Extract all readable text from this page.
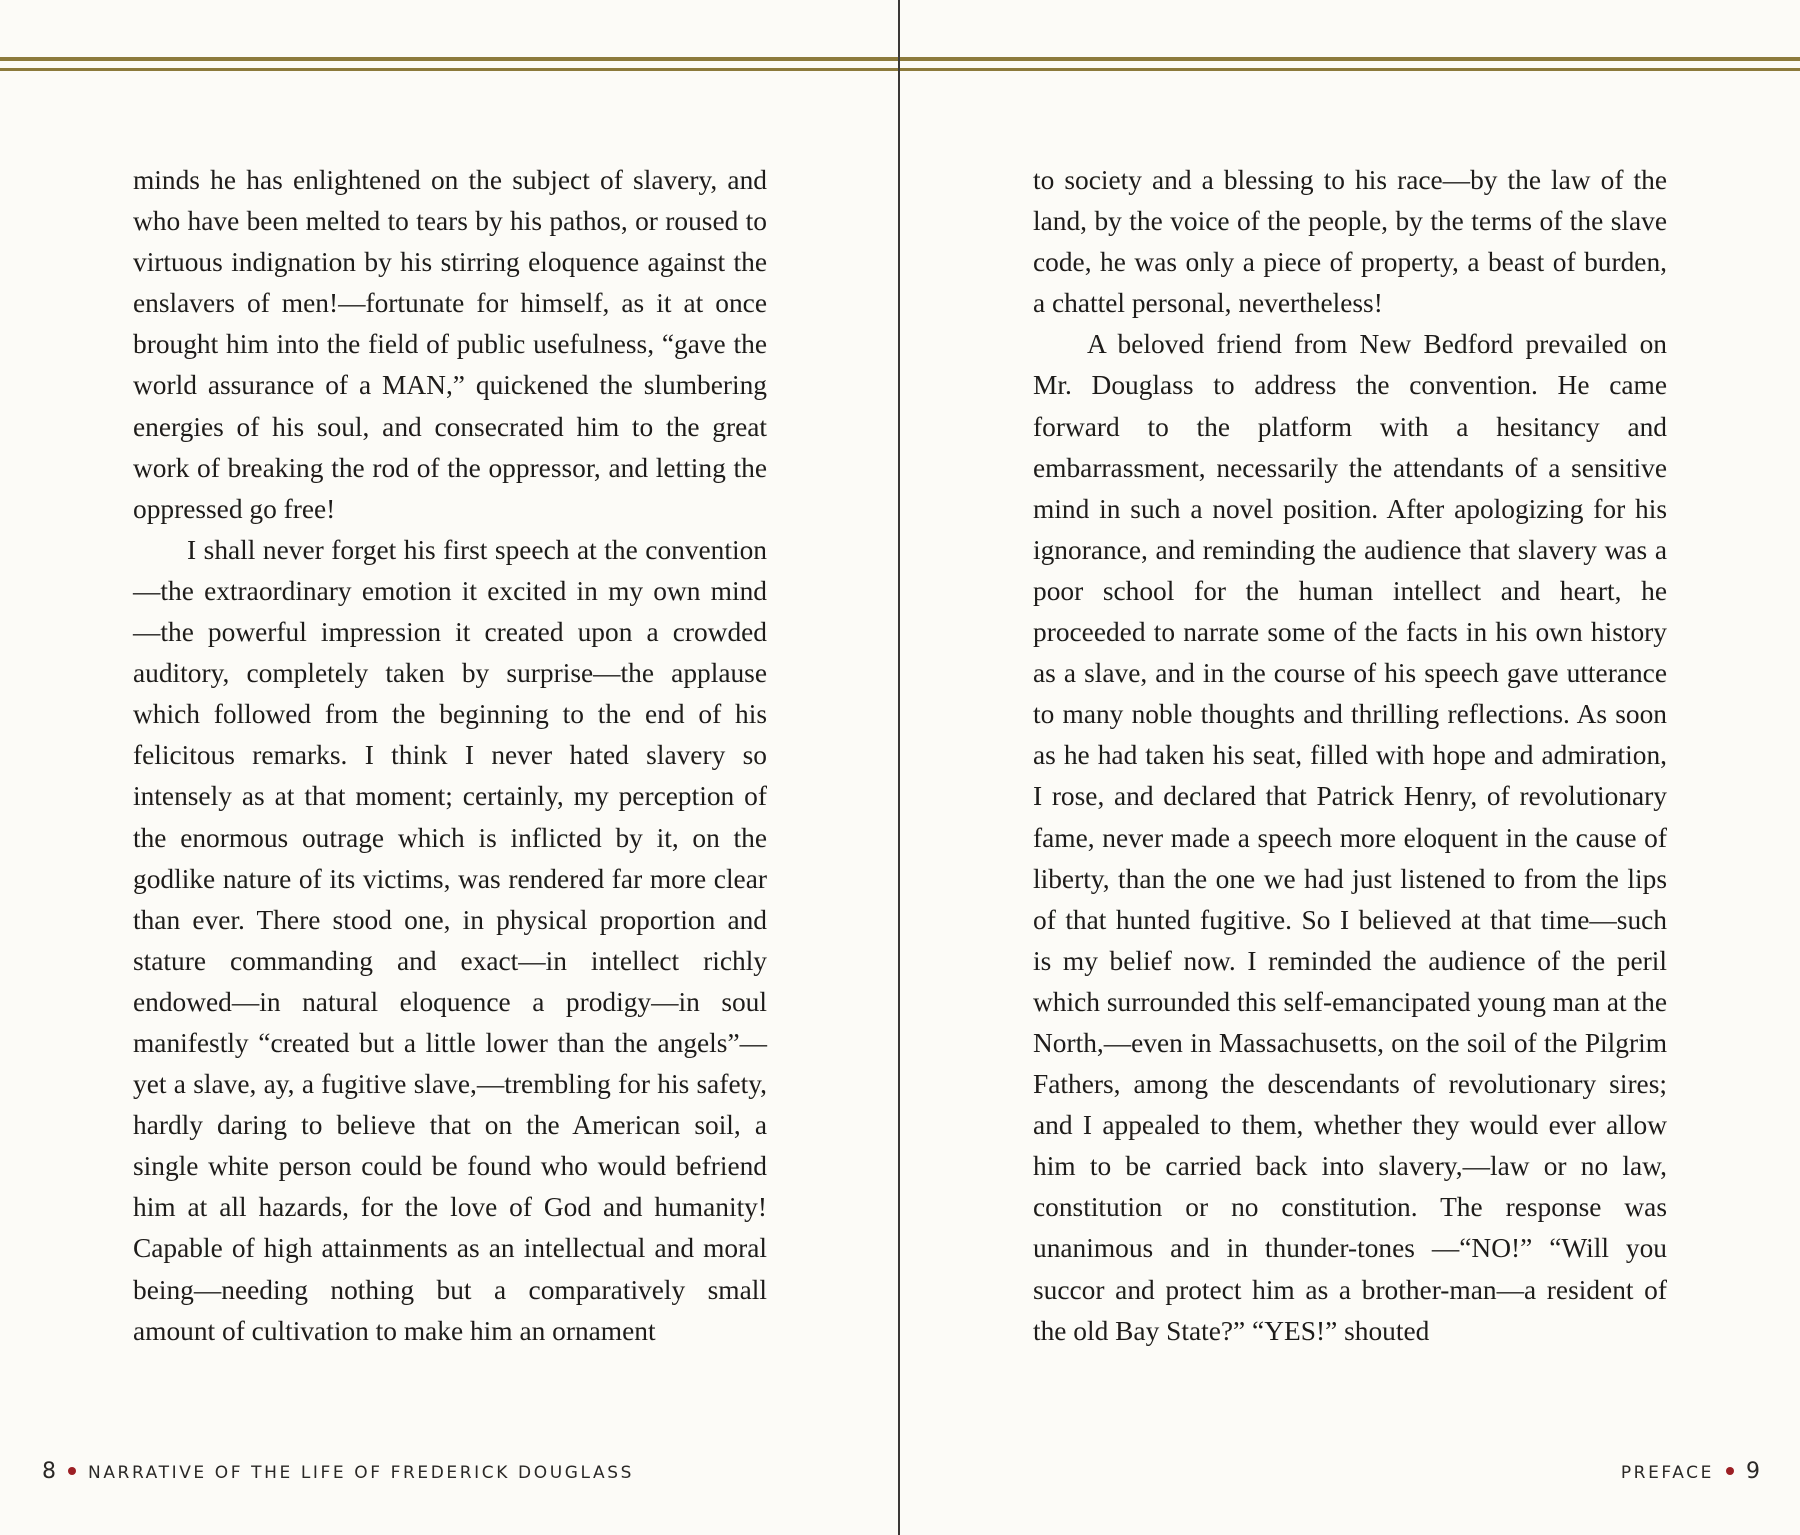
minds he has enlightened on the subject of slavery, and who have been melted to tears by his pathos, or roused to virtuous indignation by his stirring eloquence against the enslavers of men!—fortunate for himself, as it at once brought him into the field of public usefulness, “gave the world assurance of a MAN,” quickened the slumbering energies of his soul, and consecrated him to the great work of breaking the rod of the oppressor, and letting the oppressed go free!

I shall never forget his first speech at the convention —the extraordinary emotion it excited in my own mind—the powerful impression it created upon a crowded auditory, completely taken by surprise—the applause which followed from the beginning to the end of his felicitous remarks. I think I never hated slavery so intensely as at that moment; certainly, my perception of the enormous outrage which is inflicted by it, on the godlike nature of its victims, was rendered far more clear than ever. There stood one, in physical proportion and stature commanding and exact—in intellect richly endowed—in natural eloquence a prodigy—in soul manifestly “created but a little lower than the angels”—yet a slave, ay, a fugitive slave,—trembling for his safety, hardly daring to believe that on the American soil, a single white person could be found who would befriend him at all hazards, for the love of God and humanity! Capable of high attainments as an intellectual and moral being—needing nothing but a comparatively small amount of cultivation to make him an ornament

to society and a blessing to his race—by the law of the land, by the voice of the people, by the terms of the slave code, he was only a piece of property, a beast of burden, a chattel personal, nevertheless!

A beloved friend from New Bedford prevailed on Mr. Douglass to address the convention. He came forward to the platform with a hesitancy and embarrassment, necessarily the attendants of a sensitive mind in such a novel position. After apologizing for his ignorance, and reminding the audience that slavery was a poor school for the human intellect and heart, he proceeded to narrate some of the facts in his own history as a slave, and in the course of his speech gave utterance to many noble thoughts and thrilling reflections. As soon as he had taken his seat, filled with hope and admiration, I rose, and declared that Patrick Henry, of revolutionary fame, never made a speech more eloquent in the cause of liberty, than the one we had just listened to from the lips of that hunted fugitive. So I believed at that time—such is my belief now. I reminded the audience of the peril which surrounded this self-emancipated young man at the North,—even in Massachusetts, on the soil of the Pilgrim Fathers, among the descendants of revolutionary sires; and I appealed to them, whether they would ever allow him to be carried back into slavery,—law or no law, constitution or no constitution. The response was unanimous and in thunder-tones —“NO!” “Will you succor and protect him as a brother-man—a resident of the old Bay State?” “YES!” shouted

8 NARRATIVE OF THE LIFE OF FREDERICK DOUGLASS	PREFACE 9
